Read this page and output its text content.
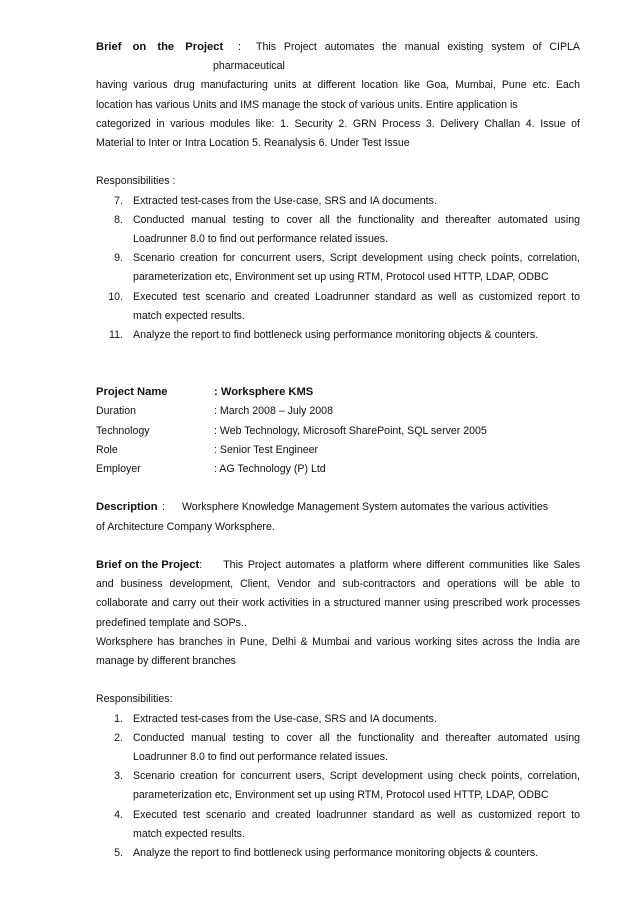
Brief on the Project	:	This Project automates the manual existing system of CIPLA
pharmaceutical
having various drug manufacturing units at different location like Goa, Mumbai, Pune etc. Each
location has various Units and IMS manage the stock of various units. Entire application is
categorized in various modules like: 1. Security 2. GRN Process 3. Delivery Challan 4. Issue of
Material to Inter or Intra Location 5. Reanalysis 6. Under Test Issue
Responsibilities :
7. Extracted test-cases from the Use-case, SRS and IA documents.
8. Conducted manual testing to cover all the functionality and thereafter automated using
Loadrunner 8.0 to find out performance related issues.
9. Scenario creation for concurrent users, Script development using check points, correlation,
parameterization etc, Environment set up using RTM, Protocol used HTTP, LDAP, ODBC
10. Executed test scenario and created Loadrunner standard as well as customized report to
match expected results.
11. Analyze the report to find bottleneck using performance monitoring objects & counters.
Project Name	: Worksphere KMS
Duration	: March 2008 – July 2008
Technology	: Web Technology, Microsoft SharePoint, SQL server 2005
Role	: Senior Test Engineer
Employer	: AG Technology (P) Ltd
Description :	Worksphere Knowledge Management System automates the various activities
of Architecture Company Worksphere.
Brief on the Project :	This Project automates a platform where different communities like Sales
and business development, Client, Vendor and sub-contractors and operations will be able to
collaborate and carry out their work activities in a structured manner using prescribed work processes
predefined template and SOPs..
Worksphere has branches in Pune, Delhi & Mumbai and various working sites across the India are
manage by different branches
Responsibilities:
1. Extracted test-cases from the Use-case, SRS and IA documents.
2. Conducted manual testing to cover all the functionality and thereafter automated using
Loadrunner 8.0 to find out performance related issues.
3. Scenario creation for concurrent users, Script development using check points, correlation,
parameterization etc, Environment set up using RTM, Protocol used HTTP, LDAP, ODBC
4. Executed test scenario and created loadrunner standard as well as customized report to
match expected results.
5. Analyze the report to find bottleneck using performance monitoring objects & counters.
